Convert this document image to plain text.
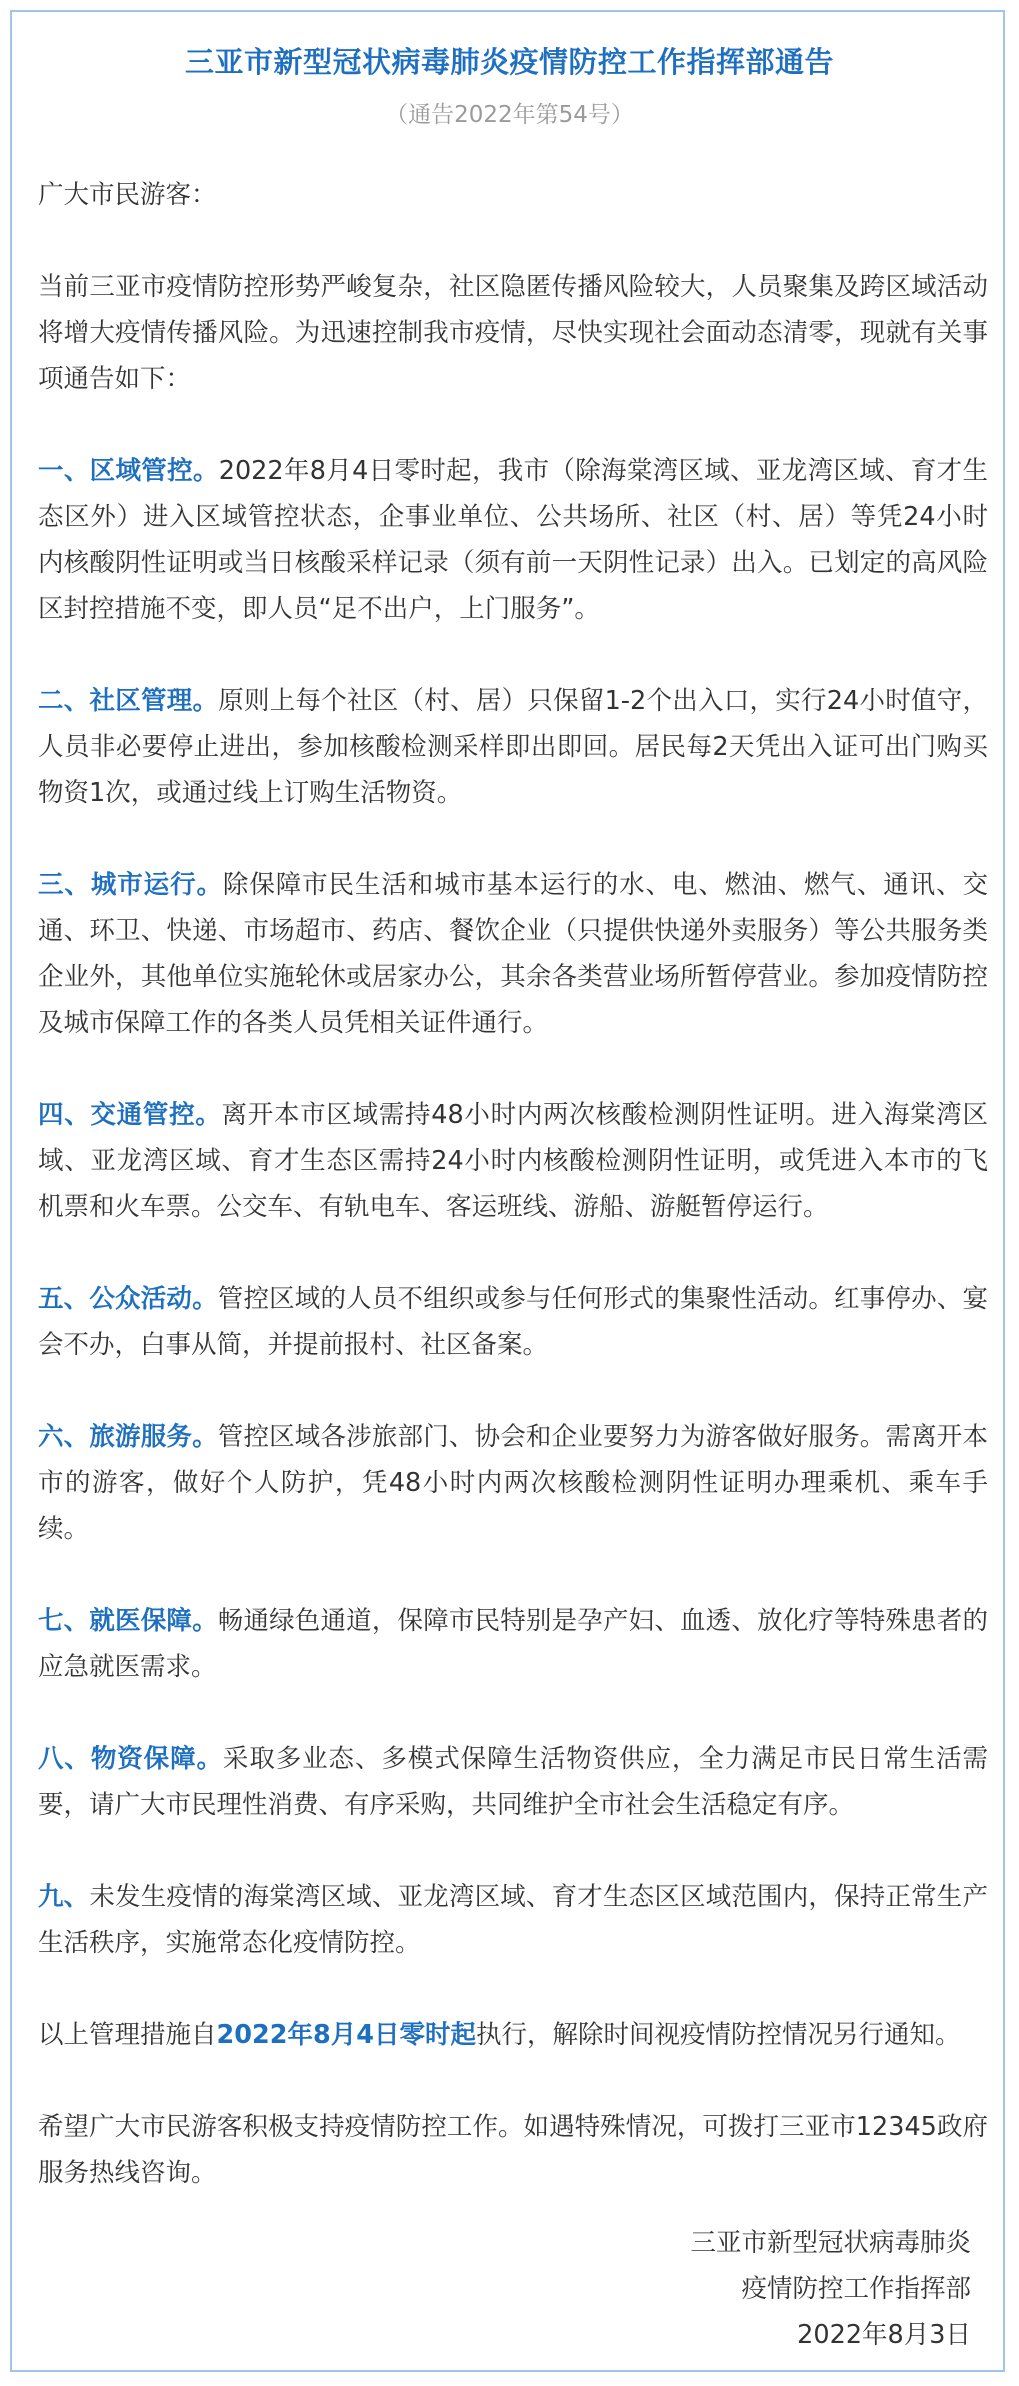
三亚市新型冠状病毒肺炎疫情防控工作指挥部通告
（通告2022年第54号）

广大市民游客：

当前三亚市疫情防控形势严峻复杂，社区隐匿传播风险较大，人员聚集及跨区域活动将增大疫情传播风险。为迅速控制我市疫情，尽快实现社会面动态清零，现就有关事项通告如下：

一、区域管控。2022年8月4日零时起，我市（除海棠湾区域、亚龙湾区域、育才生态区外）进入区域管控状态，企事业单位、公共场所、社区（村、居）等凭24小时内核酸阴性证明或当日核酸采样记录（须有前一天阴性记录）出入。已划定的高风险区封控措施不变，即人员“足不出户，上门服务”。

二、社区管理。原则上每个社区（村、居）只保留1-2个出入口，实行24小时值守，人员非必要停止进出，参加核酸检测采样即出即回。居民每2天凭出入证可出门购买物资1次，或通过线上订购生活物资。

三、城市运行。除保障市民生活和城市基本运行的水、电、燃油、燃气、通讯、交通、环卫、快递、市场超市、药店、餐饮企业（只提供快递外卖服务）等公共服务类企业外，其他单位实施轮休或居家办公，其余各类营业场所暂停营业。参加疫情防控及城市保障工作的各类人员凭相关证件通行。

四、交通管控。离开本市区域需持48小时内两次核酸检测阴性证明。进入海棠湾区域、亚龙湾区域、育才生态区需持24小时内核酸检测阴性证明，或凭进入本市的飞机票和火车票。公交车、有轨电车、客运班线、游船、游艇暂停运行。

五、公众活动。管控区域的人员不组织或参与任何形式的集聚性活动。红事停办、宴会不办，白事从简，并提前报村、社区备案。

六、旅游服务。管控区域各涉旅部门、协会和企业要努力为游客做好服务。需离开本市的游客，做好个人防护，凭48小时内两次核酸检测阴性证明办理乘机、乘车手续。

七、就医保障。畅通绿色通道，保障市民特别是孕产妇、血透、放化疗等特殊患者的应急就医需求。

八、物资保障。采取多业态、多模式保障生活物资供应，全力满足市民日常生活需要，请广大市民理性消费、有序采购，共同维护全市社会生活稳定有序。

九、未发生疫情的海棠湾区域、亚龙湾区域、育才生态区区域范围内，保持正常生产生活秩序，实施常态化疫情防控。

以上管理措施自2022年8月4日零时起执行，解除时间视疫情防控情况另行通知。

希望广大市民游客积极支持疫情防控工作。如遇特殊情况，可拨打三亚市12345政府服务热线咨询。

三亚市新型冠状病毒肺炎
疫情防控工作指挥部
2022年8月3日
